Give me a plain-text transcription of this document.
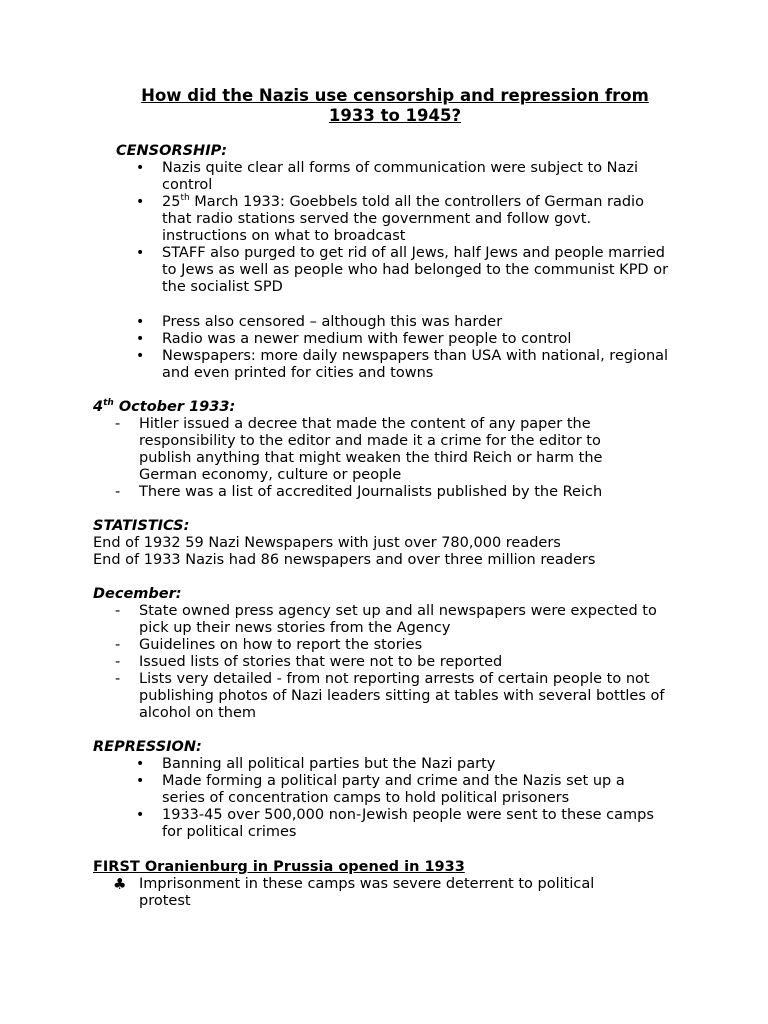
How did the Nazis use censorship and repression from
1933 to 1945?

CENSORSHIP:

•	Nazis quite clear all forms of communication were subject to Nazi control
•	25th March 1933: Goebbels told all the controllers of German radio that radio stations served the government and follow govt. instructions on what to broadcast
•	STAFF also purged to get rid of all Jews, half Jews and people married to Jews as well as people who had belonged to the communist KPD or the socialist SPD
•	Press also censored – although this was harder
•	Radio was a newer medium with fewer people to control
•	Newspapers: more daily newspapers than USA with national, regional and even printed for cities and towns

4th October 1933:

-	Hitler issued a decree that made the content of any paper the responsibility to the editor and made it a crime for the editor to publish anything that might weaken the third Reich or harm the German economy, culture or people
-	There was a list of accredited Journalists published by the Reich

STATISTICS:

End of 1932 59 Nazi Newspapers with just over 780,000 readers

End of 1933 Nazis had 86 newspapers and over three million readers

December:

-	State owned press agency set up and all newspapers were expected to pick up their news stories from the Agency
-	Guidelines on how to report the stories
-	Issued lists of stories that were not to be reported
-	Lists very detailed - from not reporting arrests of certain people to not publishing photos of Nazi leaders sitting at tables with several bottles of alcohol on them

REPRESSION:

•	Banning all political parties but the Nazi party
•	Made forming a political party and crime and the Nazis set up a series of concentration camps to hold political prisoners
•	1933-45 over 500,000 non-Jewish people were sent to these camps for political crimes

FIRST Oranienburg in Prussia opened in 1933

♣ Imprisonment in these camps was severe deterrent to political protest
